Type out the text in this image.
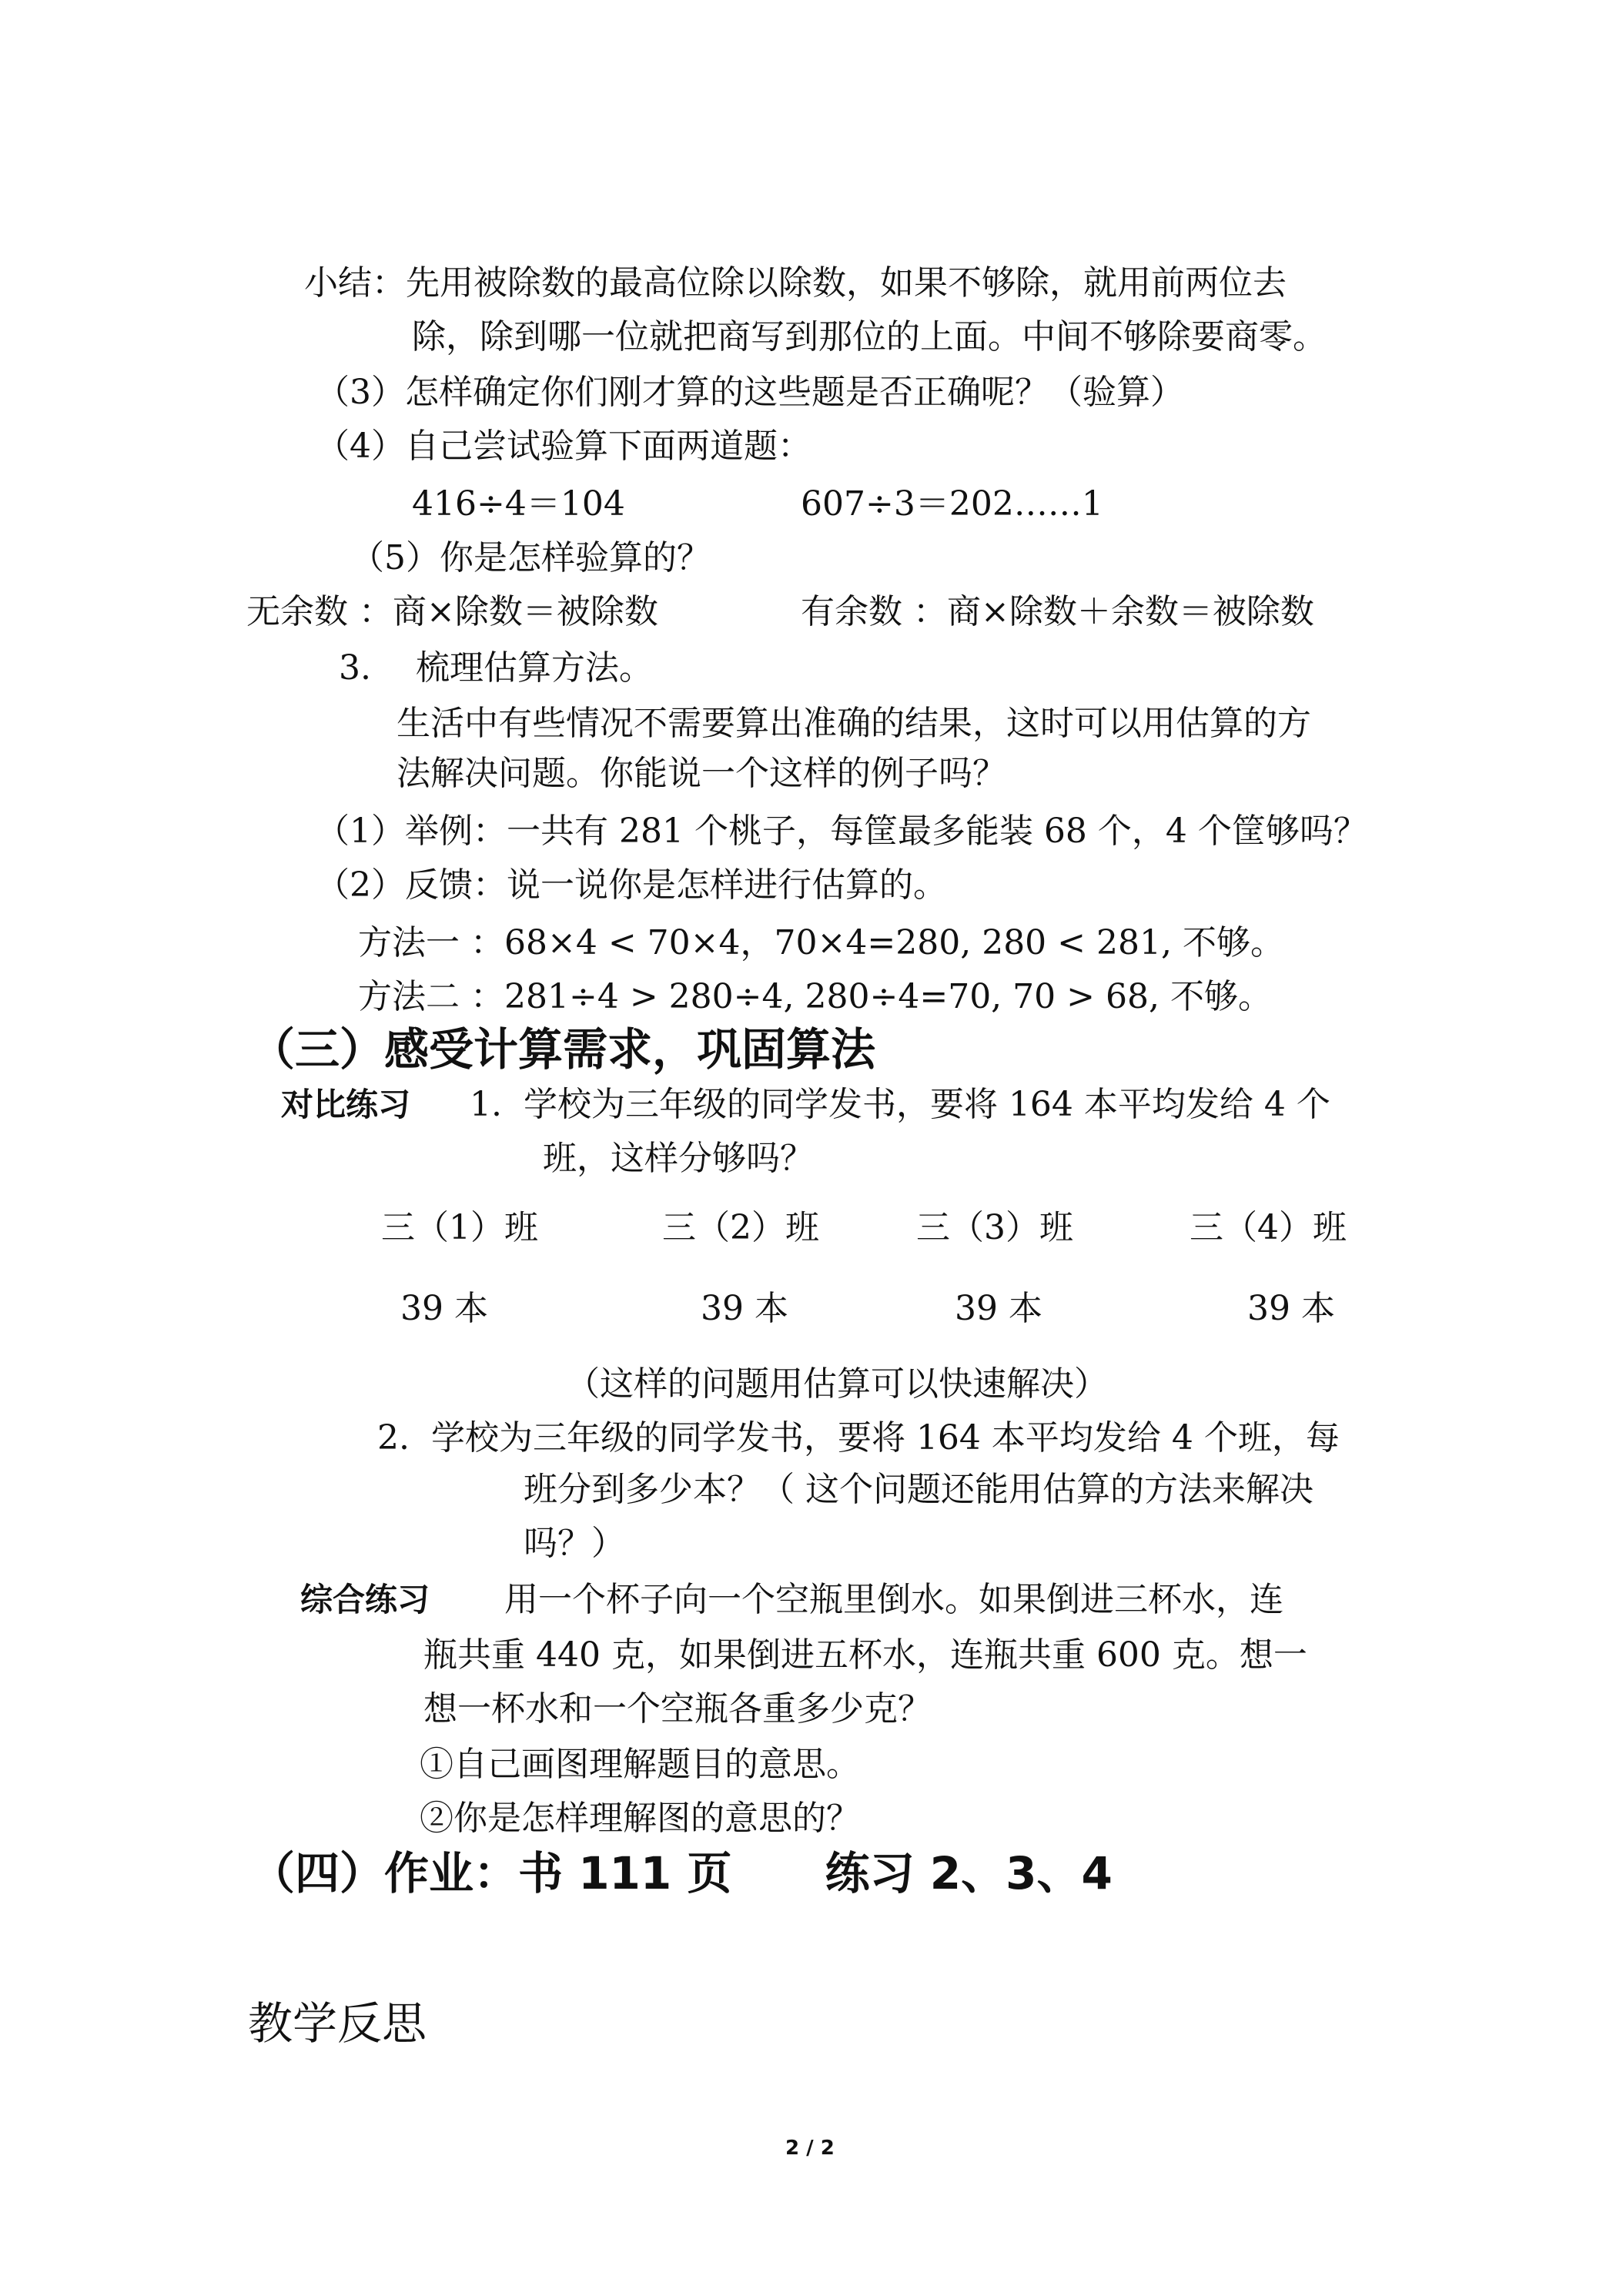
小结：先用被除数的最高位除以除数，如果不够除，就用前两位去
除，除到哪一位就把商写到那位的上面。中间不够除要商零。
（3）怎样确定你们刚才算的这些题是否正确呢？（验算）
（4）自己尝试验算下面两道题：
416÷4＝104	607÷3＝202……1
（5）你是怎样验算的？
无余数 ：商×除数＝被除数	有余数 ：商×除数＋余数＝被除数
3. 梳理估算方法。
生活中有些情况不需要算出准确的结果，这时可以用估算的方
法解决问题。你能说一个这样的例子吗？
（1）举例：一共有 281 个桃子，每筐最多能装 68 个，4 个筐够吗？
（2）反馈：说一说你是怎样进行估算的。
方法一 ：68×4 < 70×4，70×4=280, 280 < 281, 不够。
方法二 ：281÷4 > 280÷4, 280÷4=70, 70 > 68, 不够。
（三）感受计算需求，巩固算法
对比练习 1.  学校为三年级的同学发书，要将 164 本平均发给 4 个
班，这样分够吗？
三（1）班	三（2）班	三（3）班	三（4）班
39 本	39 本	39 本	39 本
（这样的问题用估算可以快速解决）
2.  学校为三年级的同学发书，要将 164 本平均发给 4 个班，每
班分到多少本？（ 这个问题还能用估算的方法来解决
吗？）
综合练习 用一个杯子向一个空瓶里倒水。如果倒进三杯水，连
瓶共重 440 克，如果倒进五杯水，连瓶共重 600 克。想一
想一杯水和一个空瓶各重多少克？
①自己画图理解题目的意思。
②你是怎样理解图的意思的？
（四）作业：书 111 页      练习 2、3、4
教学反思
2 / 2
